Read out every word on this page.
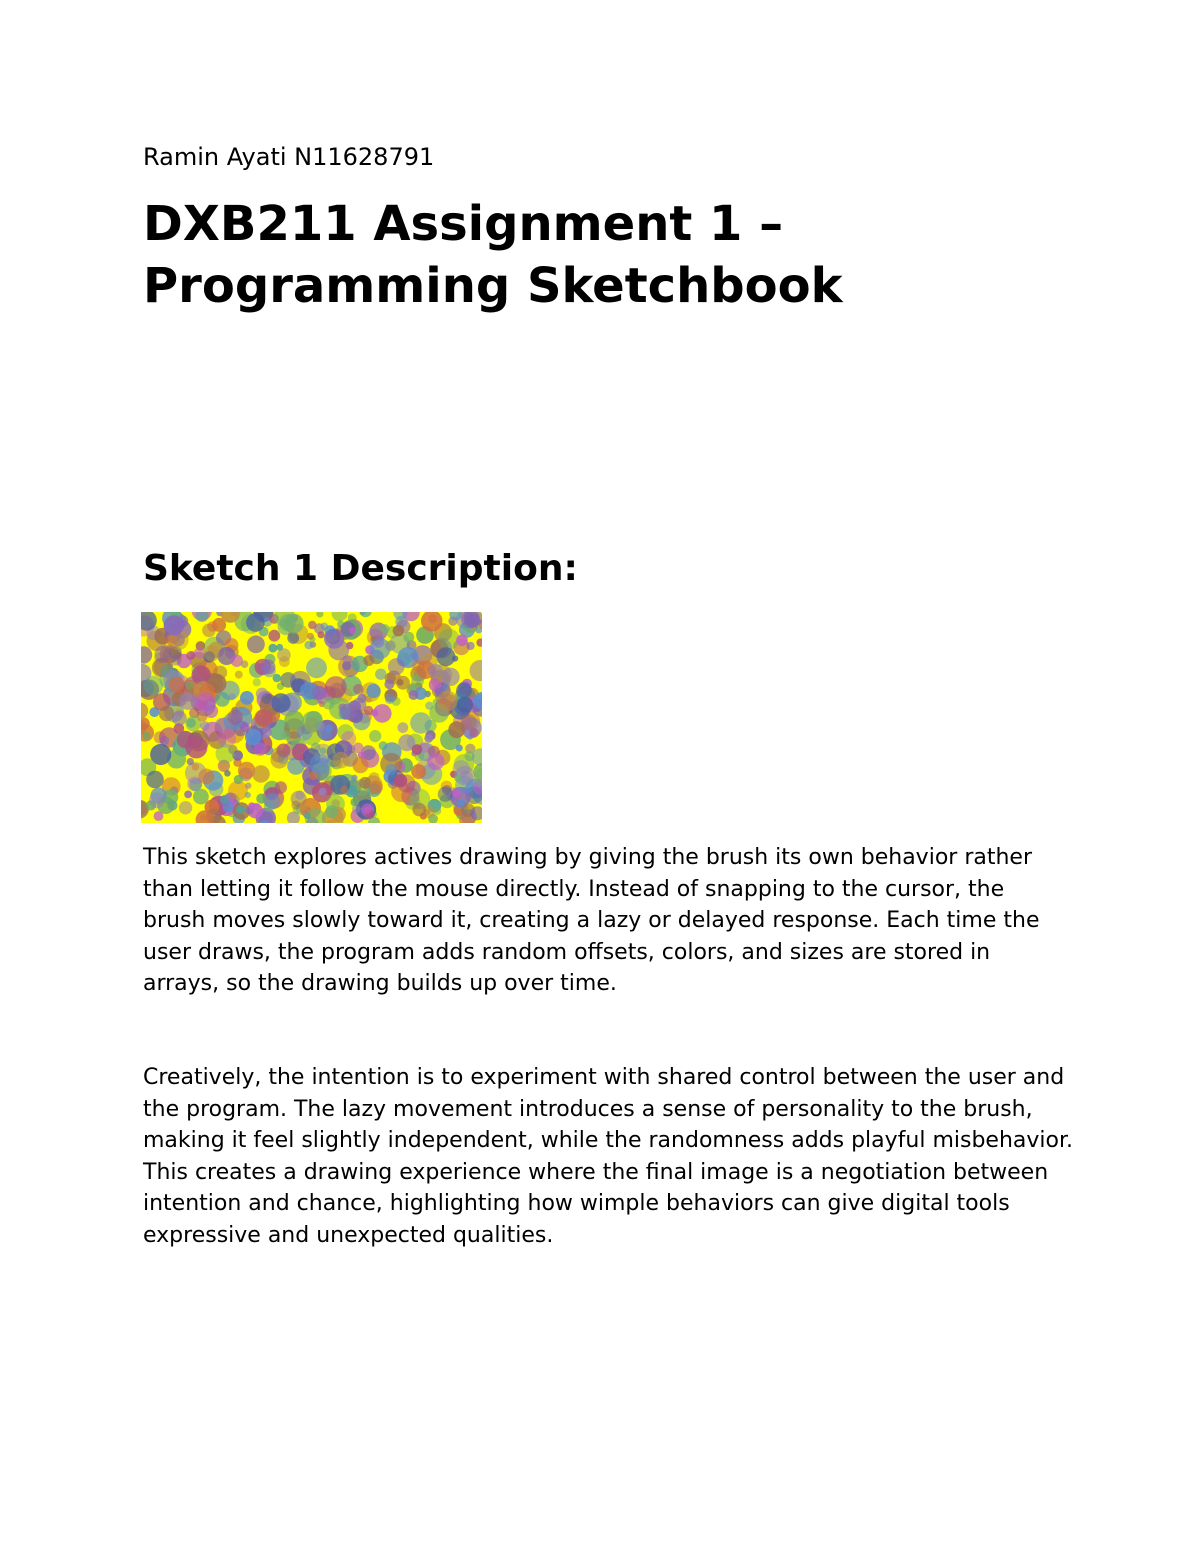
Ramin Ayati N11628791

DXB211 Assignment 1 –
Programming Sketchbook
Sketch 1 Description:

This sketch explores actives drawing by giving the brush its own behavior rather than letting it follow the mouse directly. Instead of snapping to the cursor, the brush moves slowly toward it, creating a lazy or delayed response. Each time the user draws, the program adds random offsets, colors, and sizes are stored in arrays, so the drawing builds up over time.

Creatively, the intention is to experiment with shared control between the user and the program. The lazy movement introduces a sense of personality to the brush, making it feel slightly independent, while the randomness adds playful misbehavior. This creates a drawing experience where the final image is a negotiation between intention and chance, highlighting how wimple behaviors can give digital tools expressive and unexpected qualities.
